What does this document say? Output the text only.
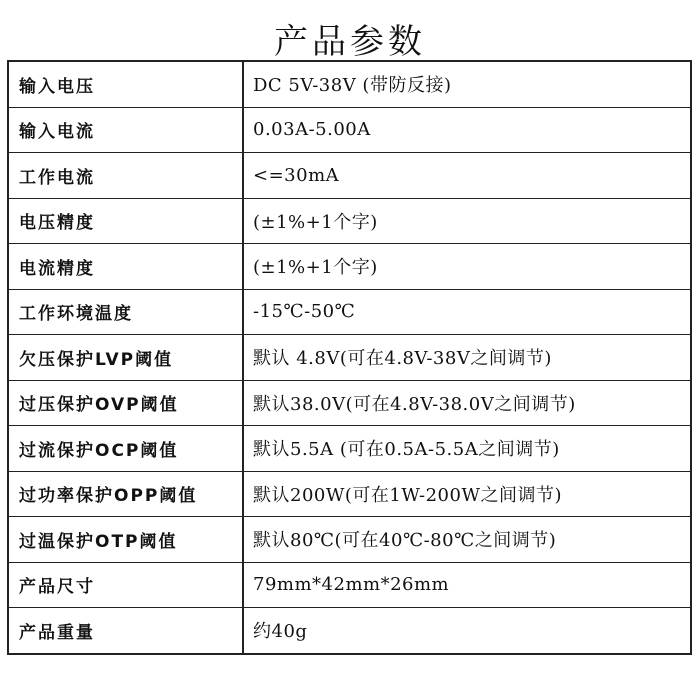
产品参数
输入电压	DC 5V-38V (带防反接)
输入电流	0.03A-5.00A
工作电流	<=30mA
电压精度	(±1%+1个字)
电流精度	(±1%+1个字)
工作环境温度	-15℃-50℃
欠压保护LVP阈值	默认 4.8V(可在4.8V-38V之间调节)
过压保护OVP阈值	默认38.0V(可在4.8V-38.0V之间调节)
过流保护OCP阈值	默认5.5A (可在0.5A-5.5A之间调节)
过功率保护OPP阈值	默认200W(可在1W-200W之间调节)
过温保护OTP阈值	默认80℃(可在40℃-80℃之间调节)
产品尺寸	79mm*42mm*26mm
产品重量	约40g
